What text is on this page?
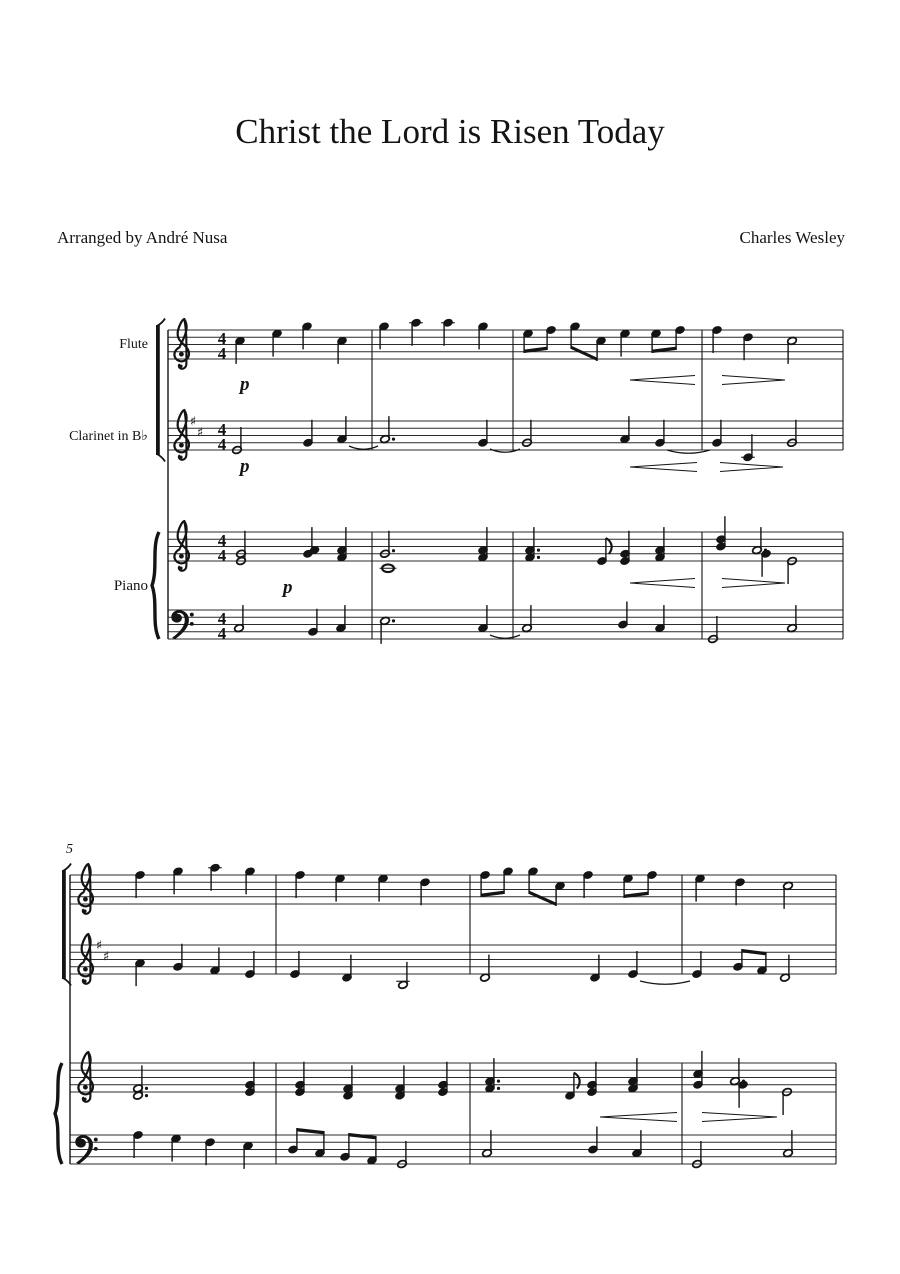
Christ the Lord is Risen Today
Arranged by André Nusa	Charles Wesley
Flute
Clarinet in B♭
Piano
4
4
♯
♯ 4
4
4
4
4
4
♯
♯
p
p
p
5
